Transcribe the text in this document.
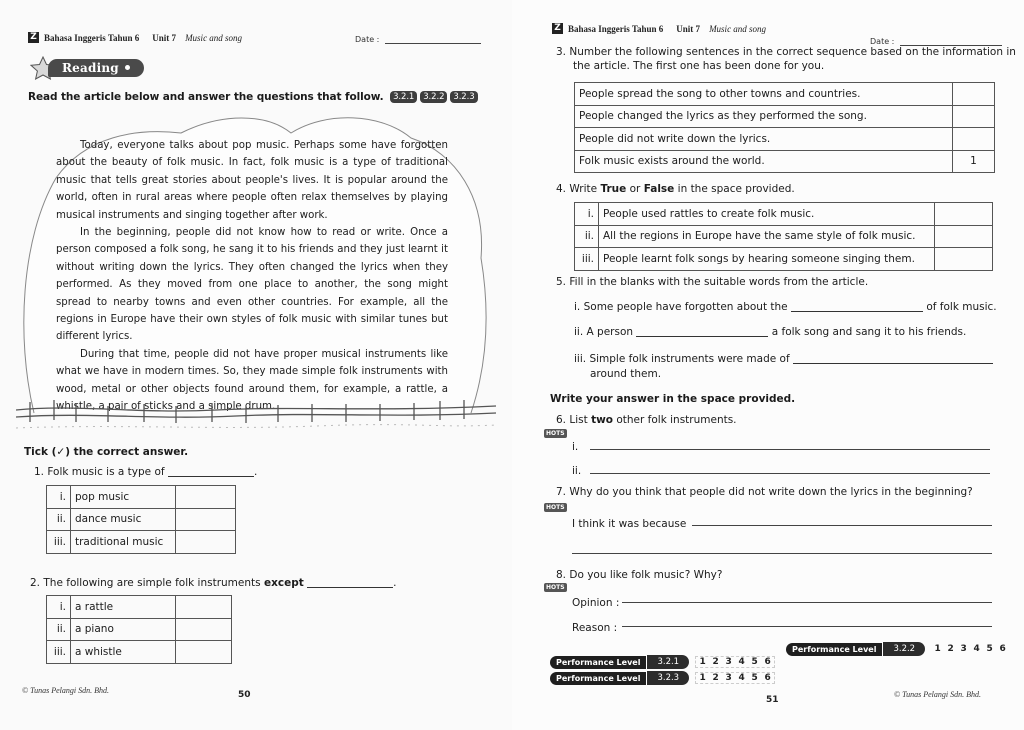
Z Bahasa Inggeris Tahun 6 Unit 7 Music and song	Date :
Reading
Read the article below and answer the questions that follow. 3.2.1 3.2.2 3.2.3

Today, everyone talks about pop music. Perhaps some have forgotten about the beauty of folk music. In fact, folk music is a type of traditional music that tells great stories about people's lives. It is popular around the world, often in rural areas where people often relax themselves by playing musical instruments and singing together after work.

In the beginning, people did not know how to read or write. Once a person composed a folk song, he sang it to his friends and they just learnt it without writing down the lyrics. They often changed the lyrics when they performed. As they moved from one place to another, the song might spread to nearby towns and even other countries. For example, all the regions in Europe have their own styles of folk music with similar tunes but different lyrics.

During that time, people did not have proper musical instruments like what we have in modern times. So, they made simple folk instruments with wood, metal or other objects found around them, for example, a rattle, a whistle, a pair of sticks and a simple drum.

Tick (✓) the correct answer.
1. Folk music is a type of	.
i.	pop music	
ii.	dance music	
iii.	traditional music	
2. The following are simple folk instruments except	.
i.	a rattle	
ii.	a piano	
iii.	a whistle	
© Tunas Pelangi Sdn. Bhd.	50
Z Bahasa Inggeris Tahun 6 Unit 7 Music and song
Date :
3. Number the following sentences in the correct sequence based on the information in
the article. The first one has been done for you.
People spread the song to other towns and countries.	
People changed the lyrics as they performed the song.	
People did not write down the lyrics.	
Folk music exists around the world.	1
4. Write True or False in the space provided.
i.	People used rattles to create folk music.	
ii.	All the regions in Europe have the same style of folk music.	
iii.	People learnt folk songs by hearing someone singing them.	
5. Fill in the blanks with the suitable words from the article.
i. Some people have forgotten about the	of folk music.
ii. A person	a folk song and sang it to his friends.
iii. Simple folk instruments were made of
around them.
Write your answer in the space provided.
6. List two other folk instruments.
HOTS
i.
ii.
7. Why do you think that people did not write down the lyrics in the beginning?
HOTS
I think it was because
8. Do you like folk music? Why?
HOTS
Opinion :
Reason :
Performance Level	3.2.1	1 2 3 4 5 6
Performance Level	3.2.3	1 2 3 4 5 6
Performance Level	3.2.2	1 2 3 4 5 6
51
© Tunas Pelangi Sdn. Bhd.
